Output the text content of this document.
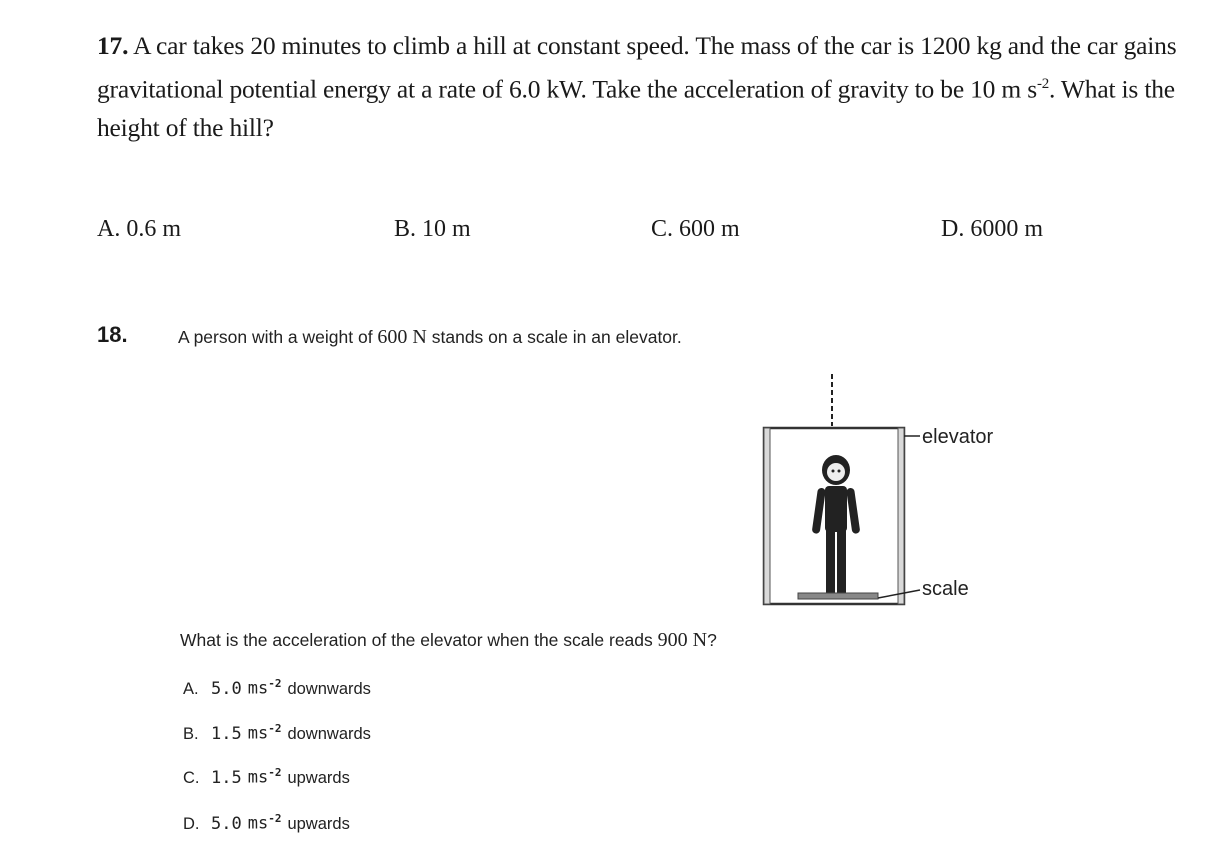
17. A car takes 20 minutes to climb a hill at constant speed. The mass of the car is 1200 kg and the car gains gravitational potential energy at a rate of 6.0 kW. Take the acceleration of gravity to be 10 m $s^{-2}$. What is the height of the hill?

A. 0.6 m	B. 10 m	C. 600 m	D. 6000 m
18.	A person with a weight of 600 N stands on a scale in an elevator.
elevator
scale
What is the acceleration of the elevator when the scale reads 900 N?
A. 5.0 $ms^{-2}$ downwards
B. 1.5 $ms^{-2}$ downwards
C. 1.5 $ms^{-2}$ upwards
D. 5.0 $ms^{-2}$ upwards
